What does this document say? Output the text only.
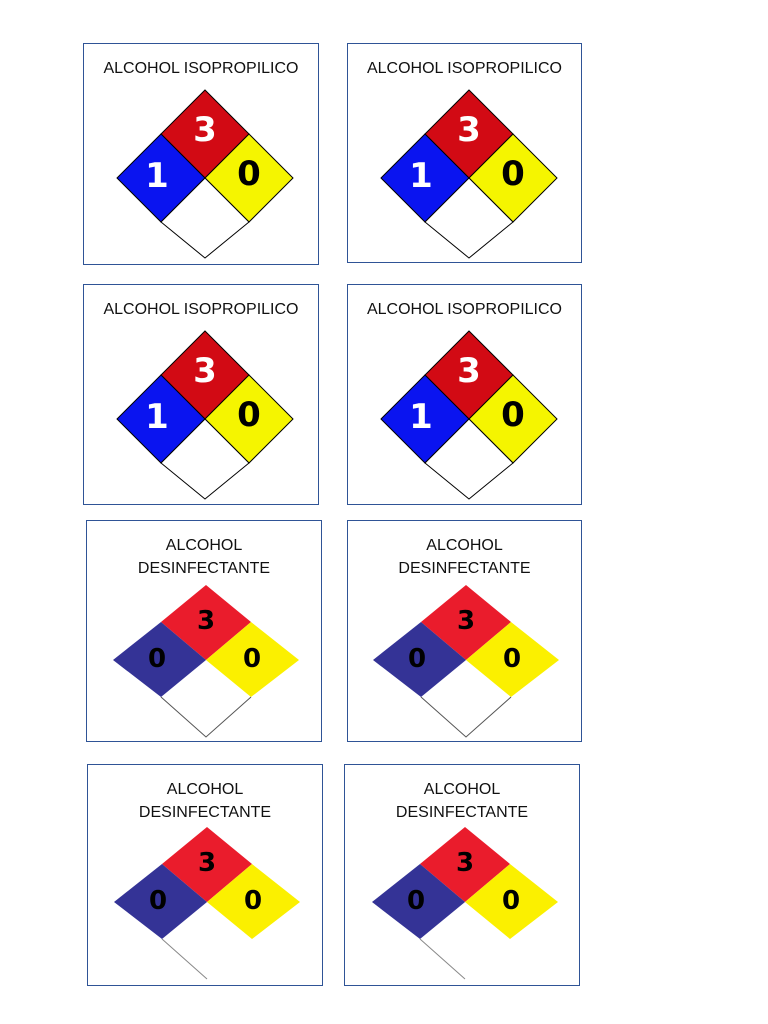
ALCOHOL ISOPROPILICO
3
1 0
ALCOHOL ISOPROPILICO
3
1 0
ALCOHOL ISOPROPILICO
3
1 0
ALCOHOL ISOPROPILICO
3
1 0
ALCOHOL
DESINFECTANTE
3
0	0
ALCOHOL
DESINFECTANTE
3
0	0
ALCOHOL
DESINFECTANTE
3
0	0
ALCOHOL
DESINFECTANTE
3
0	0
